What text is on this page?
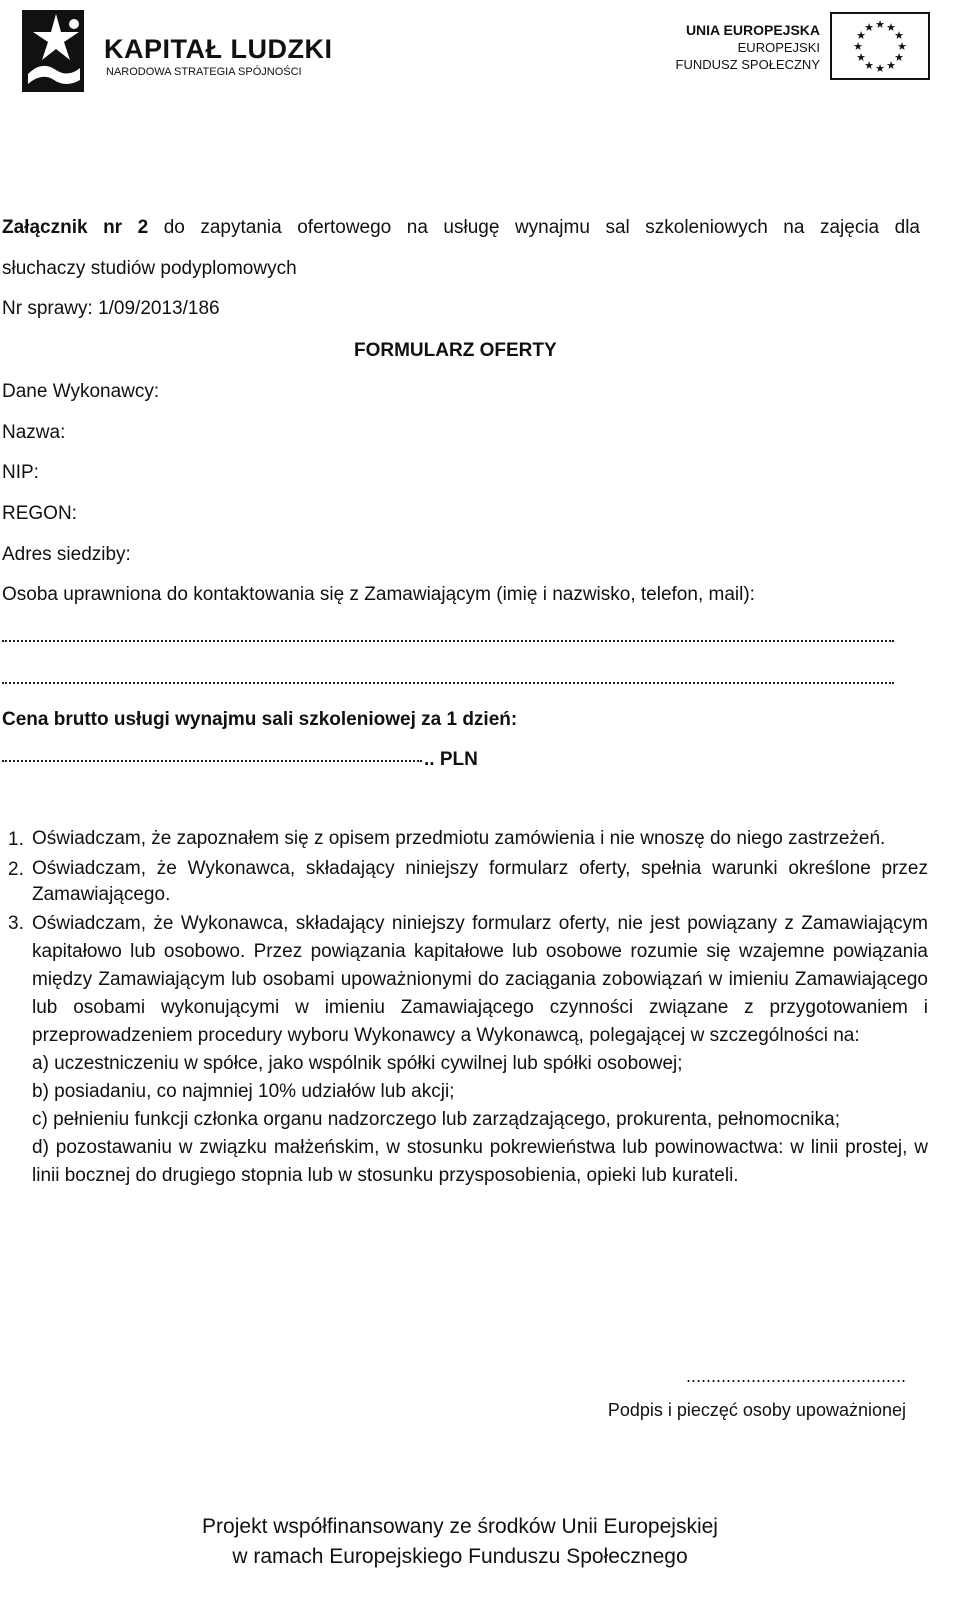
KAPITAŁ LUDZKI
NARODOWA STRATEGIA SPÓJNOŚCI
UNIA EUROPEJSKA
EUROPEJSKI
FUNDUSZ SPOŁECZNY
★ ★
★
★
★
★
★
★
★
★
★
★
Załącznik nr 2 do zapytania ofertowego na usługę wynajmu sal szkoleniowych na zajęcia dla
słuchaczy studiów podyplomowych
Nr sprawy: 1/09/2013/186
FORMULARZ OFERTY
Dane Wykonawcy:
Nazwa:
NIP:
REGON:
Adres siedziby:
Osoba uprawniona do kontaktowania się z Zamawiającym (imię i nazwisko, telefon, mail):
Cena brutto usługi wynajmu sali szkoleniowej za 1 dzień:
.. PLN
1. Oświadczam, że zapoznałem się z opisem przedmiotu zamówienia i nie wnoszę do niego zastrzeżeń.
2. Oświadczam, że Wykonawca, składający niniejszy formularz oferty, spełnia warunki określone przez Zamawiającego.
3. Oświadczam, że Wykonawca, składający niniejszy formularz oferty, nie jest powiązany z Zamawiającym kapitałowo lub osobowo. Przez powiązania kapitałowe lub osobowe rozumie się wzajemne powiązania między Zamawiającym lub osobami upoważnionymi do zaciągania zobowiązań w imieniu Zamawiającego lub osobami wykonującymi w imieniu Zamawiającego czynności związane z przygotowaniem i przeprowadzeniem procedury wyboru Wykonawcy a Wykonawcą, polegającej w szczególności na:

a) uczestniczeniu w spółce, jako wspólnik spółki cywilnej lub spółki osobowej;

b) posiadaniu, co najmniej 10% udziałów lub akcji;

c) pełnieniu funkcji członka organu nadzorczego lub zarządzającego, prokurenta, pełnomocnika;

d) pozostawaniu w związku małżeńskim, w stosunku pokrewieństwa lub powinowactwa: w linii prostej, w linii bocznej do drugiego stopnia lub w stosunku przysposobienia, opieki lub kurateli.

............................................
Podpis i pieczęć osoby upoważnionej
Projekt współfinansowany ze środków Unii Europejskiej
w ramach Europejskiego Funduszu Społecznego
